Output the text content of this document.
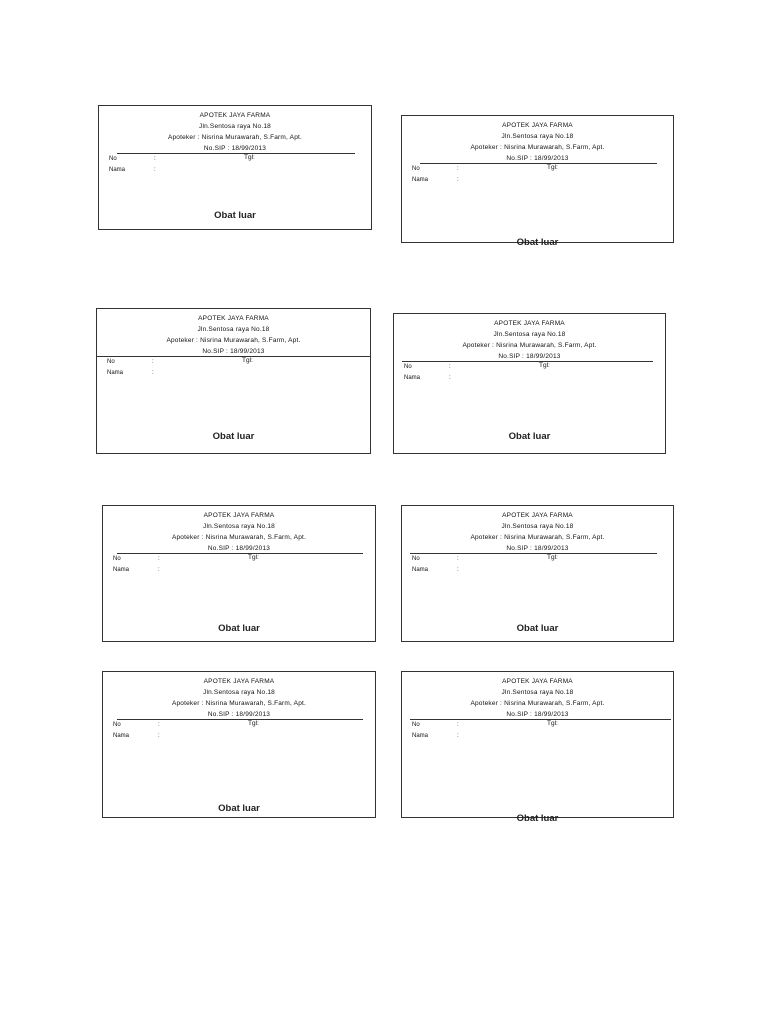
APOTEK JAYA FARMA
Jln.Sentosa raya No.18
Apoteker : Nisrina Murawarah, S.Farm, Apt.
No.SIP : 18/99/2013
No	:	Tgl:
Nama	:
Obat luar
APOTEK JAYA FARMA
Jln.Sentosa raya No.18
Apoteker : Nisrina Murawarah, S.Farm, Apt.
No.SIP : 18/99/2013
No	:	Tgl:
Nama	:
Obat luar
APOTEK JAYA FARMA
Jln.Sentosa raya No.18
Apoteker : Nisrina Murawarah, S.Farm, Apt.
No.SIP : 18/99/2013
No	:	Tgl:
Nama	:
Obat luar
APOTEK JAYA FARMA
Jln.Sentosa raya No.18
Apoteker : Nisrina Murawarah, S.Farm, Apt.
No.SIP : 18/99/2013
No	:	Tgl:
Nama	:
Obat luar
APOTEK JAYA FARMA
Jln.Sentosa raya No.18
Apoteker : Nisrina Murawarah, S.Farm, Apt.
No.SIP : 18/99/2013
No	:	Tgl:
Nama	:
Obat luar
APOTEK JAYA FARMA
Jln.Sentosa raya No.18
Apoteker : Nisrina Murawarah, S.Farm, Apt.
No.SIP : 18/99/2013
No	:	Tgl:
Nama	:
Obat luar
APOTEK JAYA FARMA
Jln.Sentosa raya No.18
Apoteker : Nisrina Murawarah, S.Farm, Apt.
No.SIP : 18/99/2013
No	:	Tgl:
Nama	:
Obat luar
APOTEK JAYA FARMA
Jln.Sentosa raya No.18
Apoteker : Nisrina Murawarah, S.Farm, Apt.
No.SIP : 18/99/2013
No	:	Tgl:
Nama	:
Obat luar
